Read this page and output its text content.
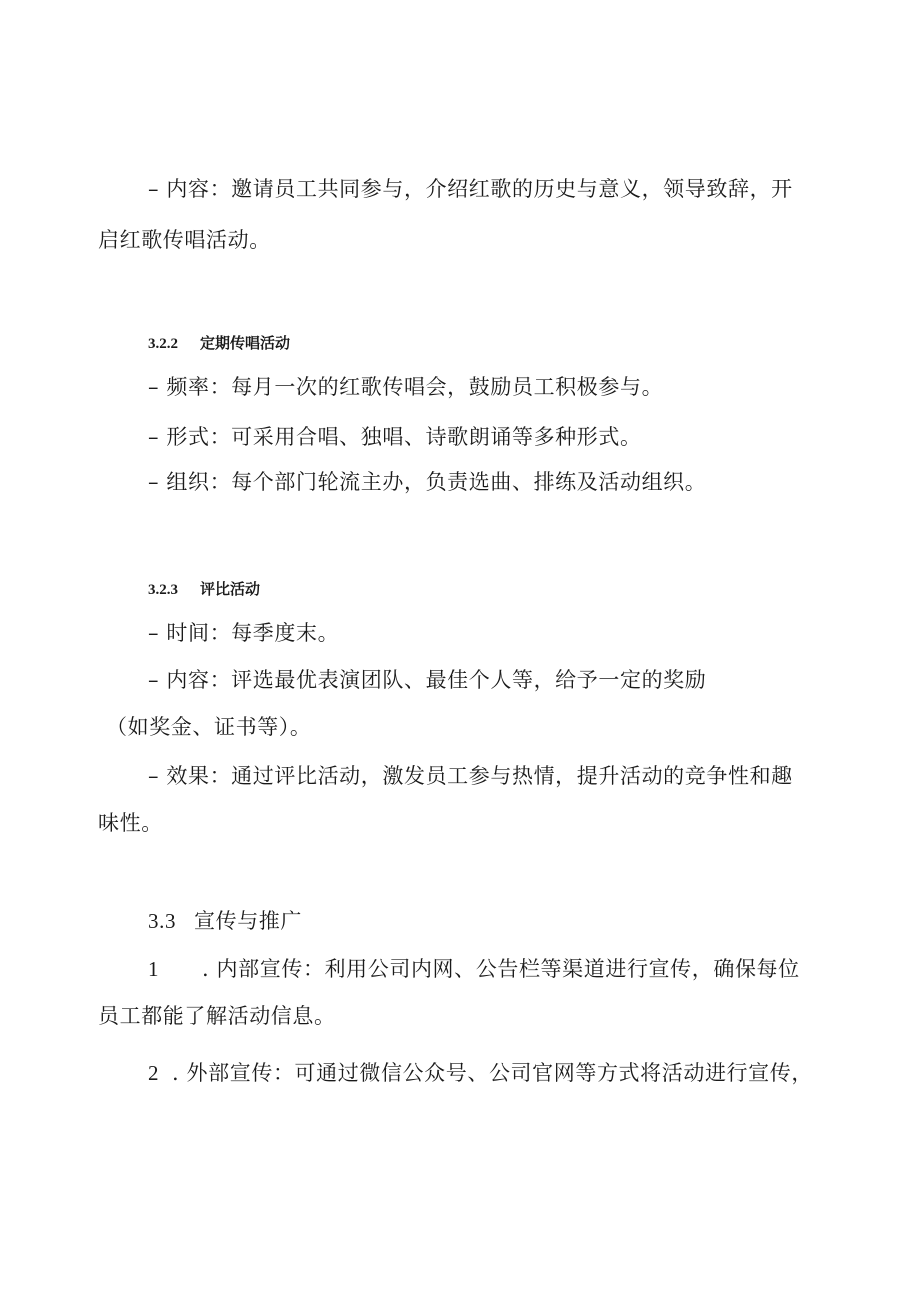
– 内容：邀请员工共同参与，介绍红歌的历史与意义，领导致辞，开
启红歌传唱活动。
3.2.2 定期传唱活动
– 频率：每月一次的红歌传唱会，鼓励员工积极参与。
– 形式：可采用合唱、独唱、诗歌朗诵等多种形式。
– 组织：每个部门轮流主办，负责选曲、排练及活动组织。
3.2.3 评比活动
– 时间：每季度末。
– 内容：评选最优表演团队、最佳个人等，给予一定的奖励
（如奖金、证书等）。
– 效果：通过评比活动，激发员工参与热情，提升活动的竞争性和趣
味性。
3.3 宣传与推广
1 . 内部宣传：利用公司内网、公告栏等渠道进行宣传，确保每位
员工都能了解活动信息。
2 . 外部宣传：可通过微信公众号、公司官网等方式将活动进行宣传，
